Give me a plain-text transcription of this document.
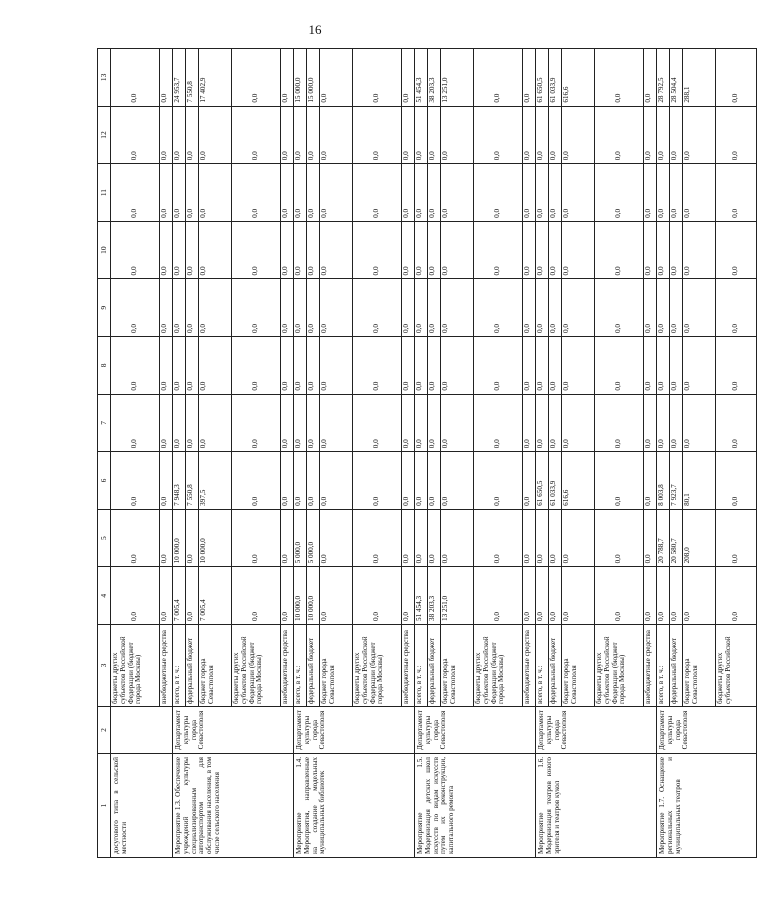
16
1	2	3	4	5	6	7	8	9	10	11	12	13
досугового типа в сельской местности		бюджеты других субъектов Российской Федерации (бюджет города Москвы)	0,0	0,0	0,0	0,0	0,0	0,0	0,0	0,0	0,0	0,0
		внебюджетные средства	0,0	0,0	0,0	0,0	0,0	0,0	0,0	0,0	0,0	0,0
Мероприятие 1.3. Обеспечение учреждений культуры специализированным автотранспортом для обслуживания населения, в том числе сельского населения	Департамент культуры города Севастополя	всего, в т. ч.:	7 005,4	10 000,0	7 948,3	0,0	0,0	0,0	0,0	0,0	0,0	24 953,7
		федеральный бюджет	0,0	0,0	7 550,8	0,0	0,0	0,0	0,0	0,0	0,0	7 550,8
		бюджет города Севастополя	7 005,4	10 000,0	397,5	0,0	0,0	0,0	0,0	0,0	0,0	17 402,9
		бюджеты других субъектов Российской Федерации (бюджет города Москвы)	0,0	0,0	0,0	0,0	0,0	0,0	0,0	0,0	0,0	0,0
		внебюджетные средства	0,0	0,0	0,0	0,0	0,0	0,0	0,0	0,0	0,0	0,0
Мероприятие 1.4. Мероприятия, направленные на создание модельных муниципальных библиотек	Департамент культуры города Севастополя	всего, в т. ч.:	10 000,0	5 000,0	0,0	0,0	0,0	0,0	0,0	0,0	0,0	15 000,0
		федеральный бюджет	10 000,0	5 000,0	0,0	0,0	0,0	0,0	0,0	0,0	0,0	15 000,0
		бюджет города Севастополя	0,0	0,0	0,0	0,0	0,0	0,0	0,0	0,0	0,0	0,0
		бюджеты других субъектов Российской Федерации (бюджет города Москвы)	0,0	0,0	0,0	0,0	0,0	0,0	0,0	0,0	0,0	0,0
		внебюджетные средства	0,0	0,0	0,0	0,0	0,0	0,0	0,0	0,0	0,0	0,0
Мероприятие 1.5. Модернизация детских школ искусств по видам искусств путем их реконструкции, капитального ремонта	Департамент культуры города Севастополя	всего, в т. ч.:	51 454,3	0,0	0,0	0,0	0,0	0,0	0,0	0,0	0,0	51 454,3
		федеральный бюджет	38 203,3	0,0	0,0	0,0	0,0	0,0	0,0	0,0	0,0	38 203,3
		бюджет города Севастополя	13 251,0	0,0	0,0	0,0	0,0	0,0	0,0	0,0	0,0	13 251,0
		бюджеты других субъектов Российской Федерации (бюджет города Москвы)	0,0	0,0	0,0	0,0	0,0	0,0	0,0	0,0	0,0	0,0
		внебюджетные средства	0,0	0,0	0,0	0,0	0,0	0,0	0,0	0,0	0,0	0,0
Мероприятие 1.6. Модернизация театров юного зрителя и театров кукол	Департамент культуры города Севастополя	всего, в т. ч.:	0,0	0,0	61 650,5	0,0	0,0	0,0	0,0	0,0	0,0	61 650,5
		федеральный бюджет	0,0	0,0	61 033,9	0,0	0,0	0,0	0,0	0,0	0,0	61 033,9
		бюджет города Севастополя	0,0	0,0	616,6	0,0	0,0	0,0	0,0	0,0	0,0	616,6
		бюджеты других субъектов Российской Федерации (бюджет города Москвы)	0,0	0,0	0,0	0,0	0,0	0,0	0,0	0,0	0,0	0,0
		внебюджетные средства	0,0	0,0	0,0	0,0	0,0	0,0	0,0	0,0	0,0	0,0
Мероприятие 1.7. Оснащение региональных и муниципальных театров	Департамент культуры города Севастополя	всего, в т. ч.:	0,0	20 788,7	8 003,8	0,0	0,0	0,0	0,0	0,0	0,0	28 792,5
		федеральный бюджет	0,0	20 580,7	7 923,7	0,0	0,0	0,0	0,0	0,0	0,0	28 504,4
		бюджет города Севастополя	0,0	208,0	80,1	0,0	0,0	0,0	0,0	0,0	0,0	288,1
		бюджеты других субъектов Российской	0,0	0,0	0,0	0,0	0,0	0,0	0,0	0,0	0,0	0,0
